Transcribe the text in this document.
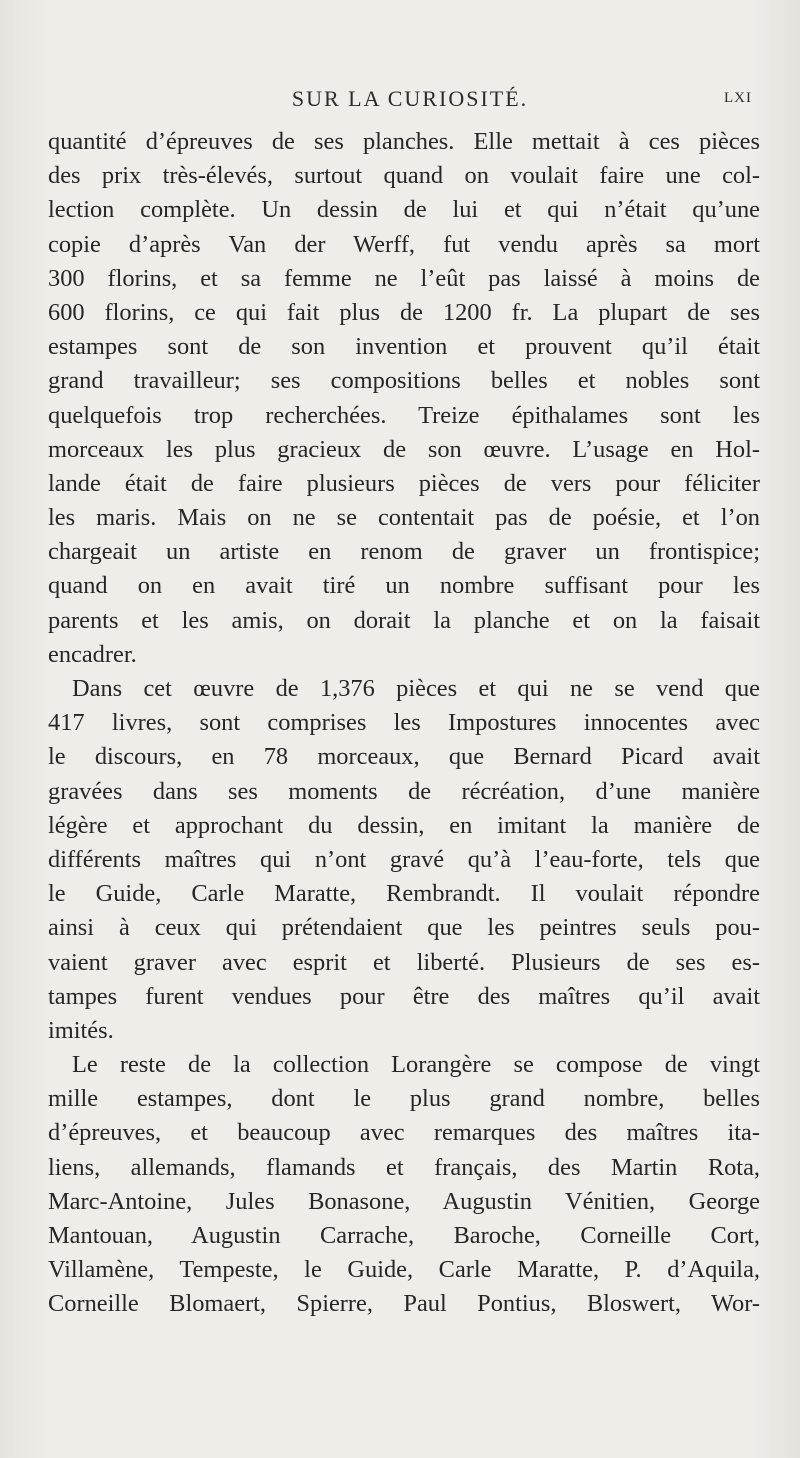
SUR LA CURIOSITÉ.	LXI
quantité d’épreuves de ses planches. Elle mettait à ces pièces
des prix très-élevés, surtout quand on voulait faire une col-
lection complète. Un dessin de lui et qui n’était qu’une
copie d’après Van der Werff, fut vendu après sa mort
300 florins, et sa femme ne l’eût pas laissé à moins de
600 florins, ce qui fait plus de 1200 fr. La plupart de ses
estampes sont de son invention et prouvent qu’il était
grand travailleur; ses compositions belles et nobles sont
quelquefois trop recherchées. Treize épithalames sont les
morceaux les plus gracieux de son œuvre. L’usage en Hol-
lande était de faire plusieurs pièces de vers pour féliciter
les maris. Mais on ne se contentait pas de poésie, et l’on
chargeait un artiste en renom de graver un frontispice;
quand on en avait tiré un nombre suffisant pour les
parents et les amis, on dorait la planche et on la faisait
encadrer.
Dans cet œuvre de 1,376 pièces et qui ne se vend que
417 livres, sont comprises les Impostures innocentes avec
le discours, en 78 morceaux, que Bernard Picard avait
gravées dans ses moments de récréation, d’une manière
légère et approchant du dessin, en imitant la manière de
différents maîtres qui n’ont gravé qu’à l’eau-forte, tels que
le Guide, Carle Maratte, Rembrandt. Il voulait répondre
ainsi à ceux qui prétendaient que les peintres seuls pou-
vaient graver avec esprit et liberté. Plusieurs de ses es-
tampes furent vendues pour être des maîtres qu’il avait
imités.
Le reste de la collection Lorangère se compose de vingt
mille estampes, dont le plus grand nombre, belles
d’épreuves, et beaucoup avec remarques des maîtres ita-
liens, allemands, flamands et français, des Martin Rota,
Marc-Antoine, Jules Bonasone, Augustin Vénitien, George
Mantouan, Augustin Carrache, Baroche, Corneille Cort,
Villamène, Tempeste, le Guide, Carle Maratte, P. d’Aquila,
Corneille Blomaert, Spierre, Paul Pontius, Bloswert, Wor-
